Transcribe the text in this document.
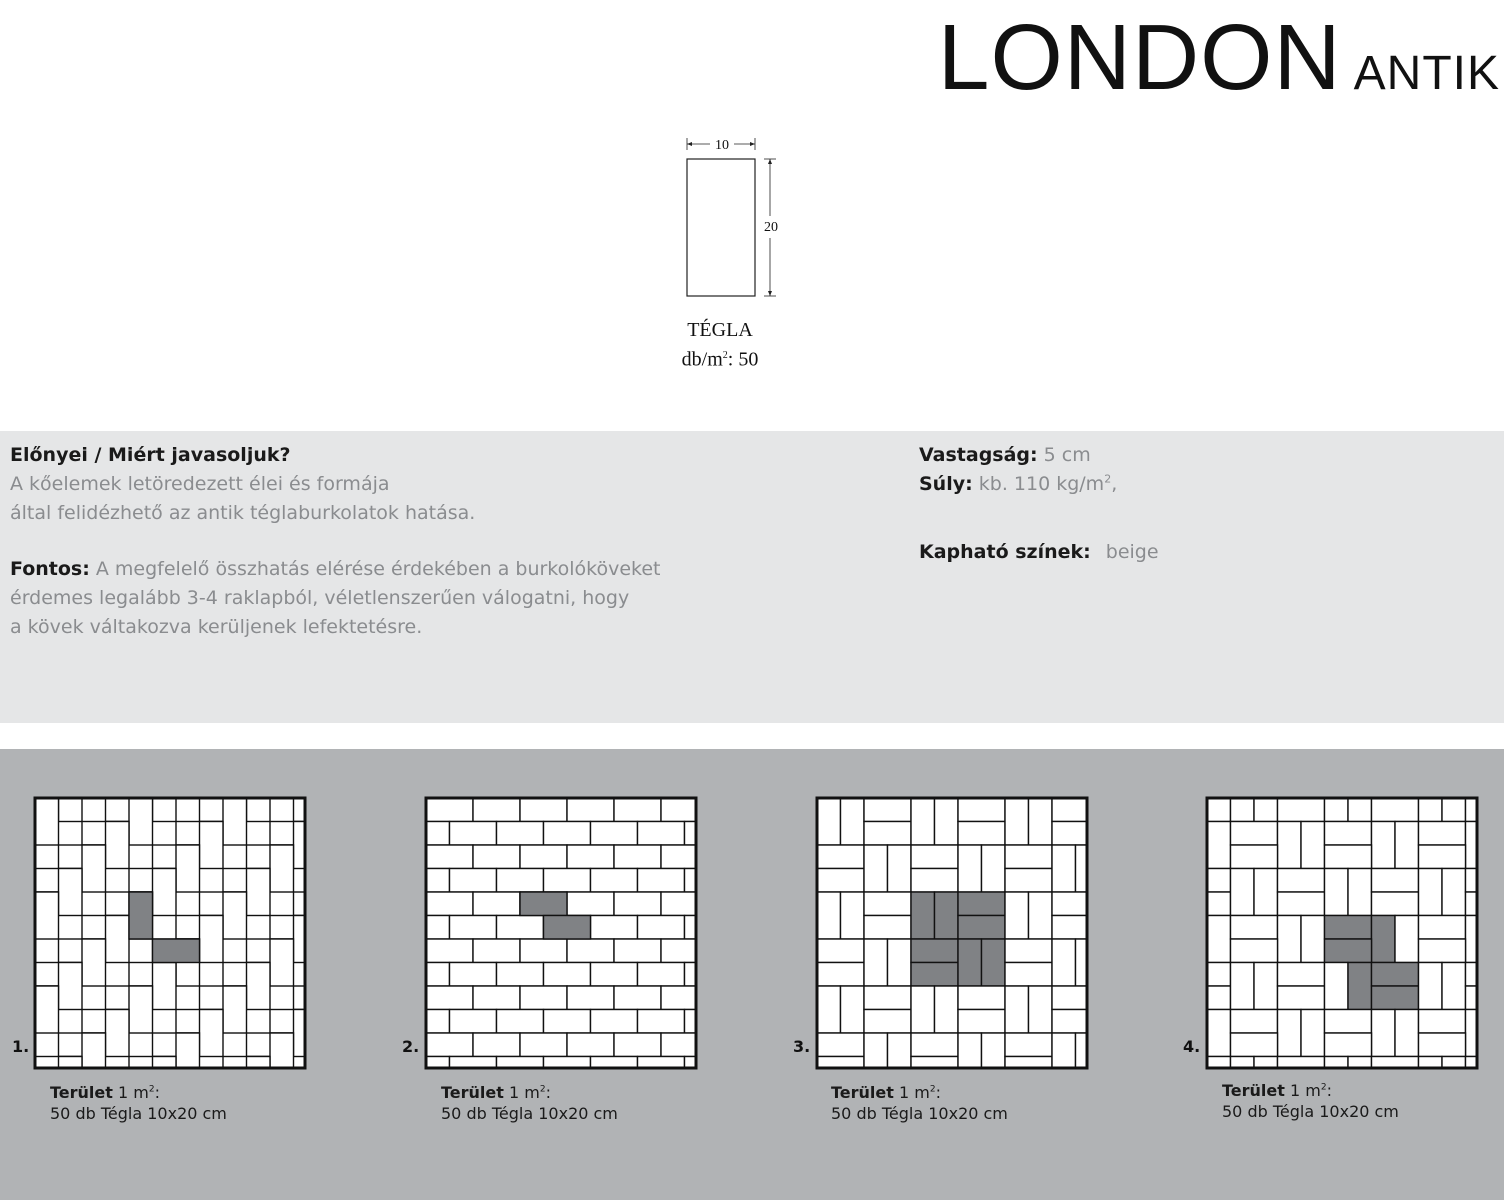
LONDON ANTIK
10
20
TÉGLA
$db/m^2$: 50
Előnyei / Miért javasoljuk?
A kőelemek letöredezett élei és formája
által felidézhető az antik téglaburkolatok hatása.
Fontos: A megfelelő összhatás elérése érdekében a burkolóköveket
érdemes legalább 3-4 raklapból, véletlenszerűen válogatni, hogy
a kövek váltakozva kerüljenek lefektetésre.
Vastagság: 5 cm
Súly: kb. 110 $kg/m^2$,
Kapható színek: beige
1.	2.	3.	4.
Terület 1 $m^2$:
50 db Tégla 10x20 cm
Terület 1 $m^2$:
50 db Tégla 10x20 cm
Terület 1 $m^2$:
50 db Tégla 10x20 cm
Terület 1 $m^2$:
50 db Tégla 10x20 cm
